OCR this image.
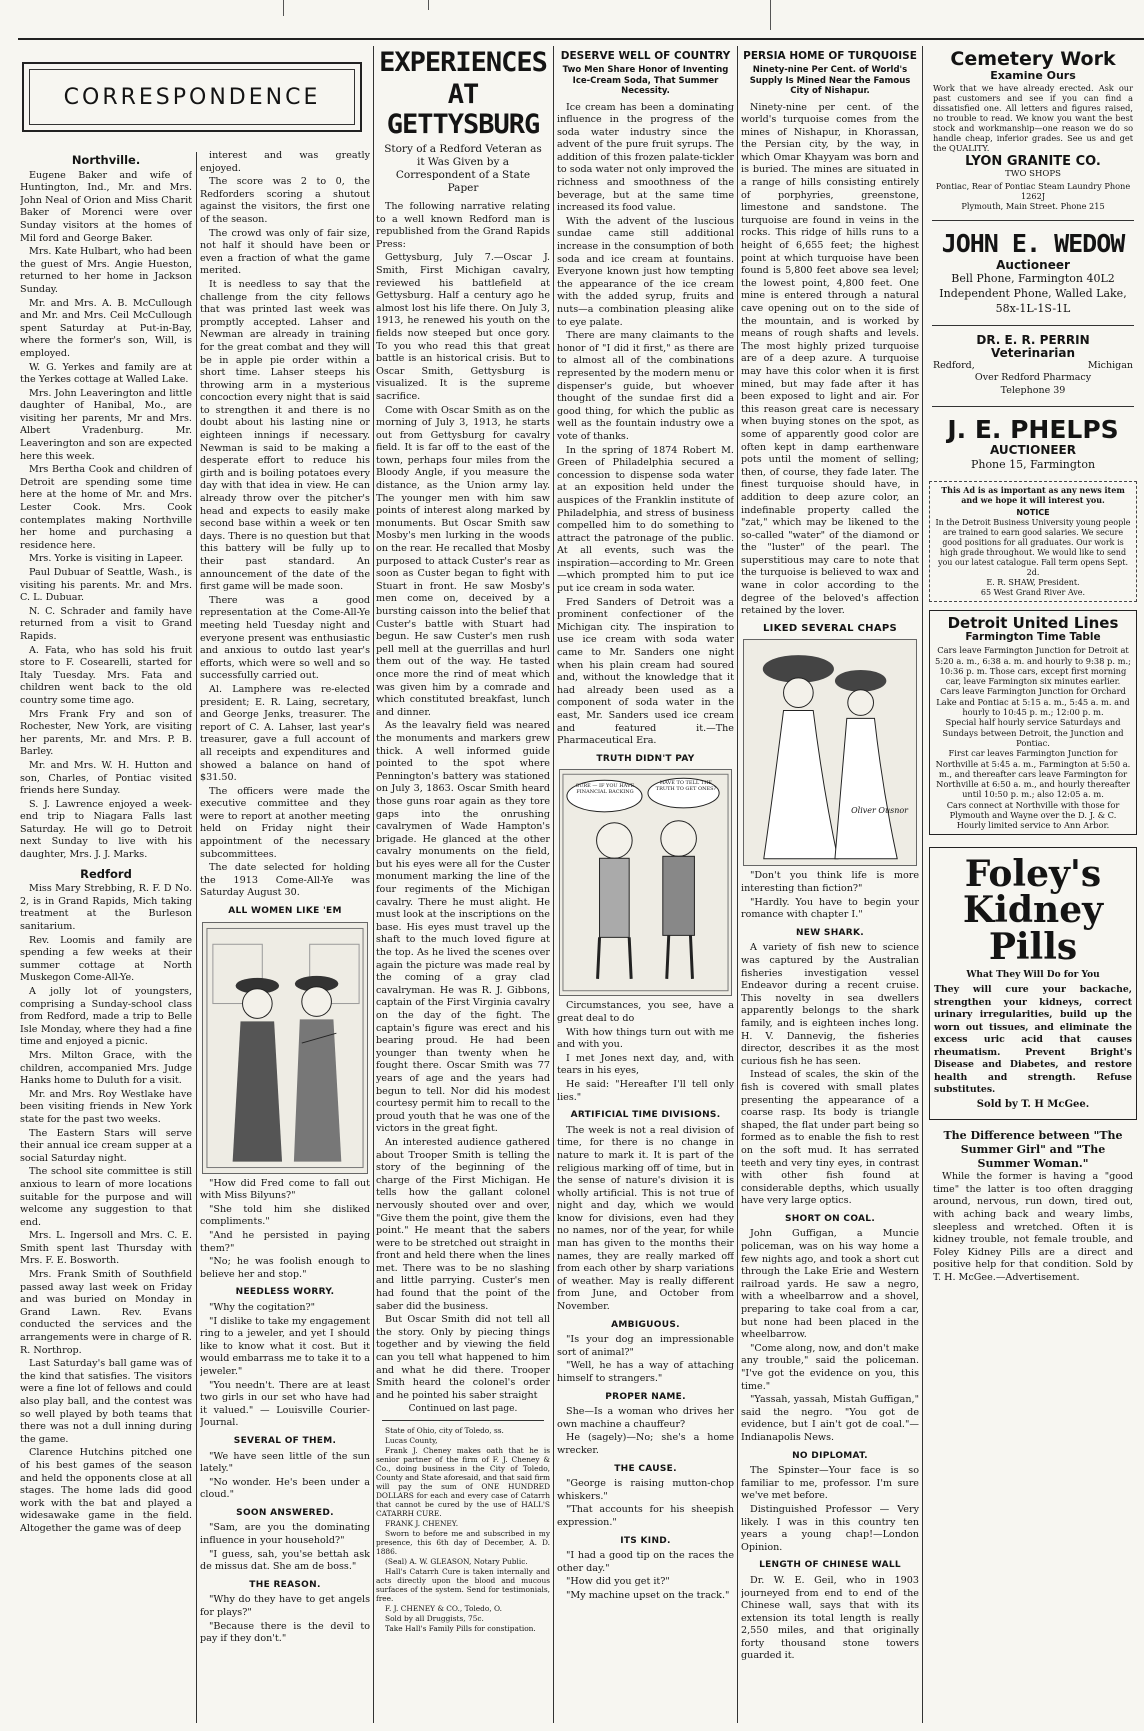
CORRESPONDENCE
Northville.

Eugene Baker and wife of Huntington, Ind., Mr. and Mrs. John Neal of Orion and Miss Charit Baker of Morenci were over Sunday visitors at the homes of Mil ford and George Baker.

Mrs. Kate Hulbart, who had been the guest of Mrs. Angie Hueston, returned to her home in Jackson Sunday.

Mr. and Mrs. A. B. McCullough and Mr. and Mrs. Ceil McCullough spent Saturday at Put-in-Bay, where the former's son, Will, is employed.

W. G. Yerkes and family are at the Yerkes cottage at Walled Lake.

Mrs. John Leaverington and little daughter of Hanibal, Mo., are visiting her parents, Mr and Mrs. Albert Vradenburg. Mr. Leaverington and son are expected here this week.

Mrs Bertha Cook and children of Detroit are spending some time here at the home of Mr. and Mrs. Lester Cook. Mrs. Cook contemplates making Northville her home and purchasing a residence here.

Mrs. Yorke is visiting in Lapeer.

Paul Dubuar of Seattle, Wash., is visiting his parents. Mr. and Mrs. C. L. Dubuar.

N. C. Schrader and family have returned from a visit to Grand Rapids.

A. Fata, who has sold his fruit store to F. Cosearelli, started for Italy Tuesday. Mrs. Fata and children went back to the old country some time ago.

Mrs Frank Fry and son of Rochester, New York, are visiting her parents, Mr. and Mrs. P. B. Barley.

Mr. and Mrs. W. H. Hutton and son, Charles, of Pontiac visited friends here Sunday.

S. J. Lawrence enjoyed a week-end trip to Niagara Falls last Saturday. He will go to Detroit next Sunday to live with his daughter, Mrs. J. J. Marks.

Redford

Miss Mary Strebbing, R. F. D No. 2, is in Grand Rapids, Mich taking treatment at the Burleson sanitarium.

Rev. Loomis and family are spending a few weeks at their summer cottage at North Muskegon Come-All-Ye.

A jolly lot of youngsters, comprising a Sunday-school class from Redford, made a trip to Belle Isle Monday, where they had a fine time and enjoyed a picnic.

Mrs. Milton Grace, with the children, accompanied Mrs. Judge Hanks home to Duluth for a visit.

Mr. and Mrs. Roy Westlake have been visiting friends in New York state for the past two weeks.

The Eastern Stars will serve their annual ice cream supper at a social Saturday night.

The school site committee is still anxious to learn of more locations suitable for the purpose and will welcome any suggestion to that end.

Mrs. L. Ingersoll and Mrs. C. E. Smith spent last Thursday with Mrs. F. E. Bosworth.

Mrs. Frank Smith of Southfield passed away last week on Friday and was buried on Monday in Grand Lawn. Rev. Evans conducted the services and the arrangements were in charge of R. R. Northrop.

Last Saturday's ball game was of the kind that satisfies. The visitors were a fine lot of fellows and could also play ball, and the contest was so well played by both teams that there was not a dull inning during the game.

Clarence Hutchins pitched one of his best games of the season and held the opponents close at all stages. The home lads did good work with the bat and played a widesawake game in the field. Altogether the game was of deep

interest and was greatly enjoyed.

The score was 2 to 0, the Redforders scoring a shutout against the visitors, the first one of the season.

The crowd was only of fair size, not half it should have been or even a fraction of what the game merited.

It is needless to say that the challenge from the city fellows that was printed last week was promptly accepted. Lahser and Newman are already in training for the great combat and they will be in apple pie order within a short time. Lahser steeps his throwing arm in a mysterious concoction every night that is said to strengthen it and there is no doubt about his lasting nine or eighteen innings if necessary. Newman is said to be making a desperate effort to reduce his girth and is boiling potatoes every day with that idea in view. He can already throw over the pitcher's head and expects to easily make second base within a week or ten days. There is no question but that this battery will be fully up to their past standard. An announcement of the date of the first game will be made soon.

There was a good representation at the Come-All-Ye meeting held Tuesday night and everyone present was enthusiastic and anxious to outdo last year's efforts, which were so well and so successfully carried out.

Al. Lamphere was re-elected president; E. R. Laing, secretary, and George Jenks, treasurer. The report of C. A. Lahser, last year's treasurer, gave a full account of all receipts and expenditures and showed a balance on hand of $31.50.

The officers were made the executive committee and they were to report at another meeting held on Friday night their appointment of the necessary subcommittees.

The date selected for holding the 1913 Come-All-Ye was Saturday August 30.

ALL WOMEN LIKE 'EM

"How did Fred come to fall out with Miss Bilyuns?"

"She told him she disliked compliments."

"And he persisted in paying them?"

"No; he was foolish enough to believe her and stop."

NEEDLESS WORRY.

"Why the cogitation?"

"I dislike to take my engagement ring to a jeweler, and yet I should like to know what it cost. But it would embarrass me to take it to a jeweler."

"You needn't. There are at least two girls in our set who have had it valued." — Louisville Courier-Journal.

SEVERAL OF THEM.

"We have seen little of the sun lately."

"No wonder. He's been under a cloud."

SOON ANSWERED.

"Sam, are you the dominating influence in your household?"

"I guess, sah, you'se bettah ask de missus dat. She am de boss."

THE REASON.

"Why do they have to get angels for plays?"

"Because there is the devil to pay if they don't."

EXPERIENCES
AT GETTYSBURG
Story of a Redford Veteran as it Was Given by a Correspondent of a State Paper

The following narrative relating to a well known Redford man is republished from the Grand Rapids Press:

Gettysburg, July 7.—Oscar J. Smith, First Michigan cavalry, reviewed his battlefield at Gettysburg. Half a century ago he almost lost his life there. On July 3, 1913, he renewed his youth on the fields now steeped but once gory. To you who read this that great battle is an historical crisis. But to Oscar Smith, Gettysburg is visualized. It is the supreme sacrifice.

Come with Oscar Smith as on the morning of July 3, 1913, he starts out from Gettysburg for cavalry field. It is far off to the east of the town, perhaps four miles from the Bloody Angle, if you measure the distance, as the Union army lay. The younger men with him saw points of interest along marked by monuments. But Oscar Smith saw Mosby's men lurking in the woods on the rear. He recalled that Mosby purposed to attack Custer's rear as soon as Custer began to fight with Stuart in front. He saw Mosby's men come on, deceived by a bursting caisson into the belief that Custer's battle with Stuart had begun. He saw Custer's men rush pell mell at the guerrillas and hurl them out of the way. He tasted once more the rind of meat which was given him by a comrade and which constituted breakfast, lunch and dinner.

As the leavalry field was neared the monuments and markers grew thick. A well informed guide pointed to the spot where Pennington's battery was stationed on July 3, 1863. Oscar Smith heard those guns roar again as they tore gaps into the onrushing cavalrymen of Wade Hampton's brigade. He glanced at the other cavalry monuments on the field, but his eyes were all for the Custer monument marking the line of the four regiments of the Michigan cavalry. There he must alight. He must look at the inscriptions on the base. His eyes must travel up the shaft to the much loved figure at the top. As he lived the scenes over again the picture was made real by the coming of a gray clad cavalryman. He was R. J. Gibbons, captain of the First Virginia cavalry on the day of the fight. The captain's figure was erect and his bearing proud. He had been younger than twenty when he fought there. Oscar Smith was 77 years of age and the years had begun to tell. Nor did his modest courtesy permit him to recall to the proud youth that he was one of the victors in the great fight.

An interested audience gathered about Trooper Smith is telling the story of the beginning of the charge of the First Michigan. He tells how the gallant colonel nervously shouted over and over, "Give them the point, give them the point." He meant that the sabers were to be stretched out straight in front and held there when the lines met. There was to be no slashing and little parrying. Custer's men had found that the point of the saber did the business.

But Oscar Smith did not tell all the story. Only by piecing things together and by viewing the field can you tell what happened to him and what he did there. Trooper Smith heard the colonel's order and he pointed his saber straight

Continued on last page.

State of Ohio, city of Toledo, ss.

Lucas County,

Frank J. Cheney makes oath that he is senior partner of the firm of F. J. Cheney & Co., doing business in the City of Toledo, County and State aforesaid, and that said firm will pay the sum of ONE HUNDRED DOLLARS for each and every case of Catarrh that cannot be cured by the use of HALL'S CATARRH CURE.

FRANK J. CHENEY.

Sworn to before me and subscribed in my presence, this 6th day of December, A. D. 1886.

(Seal) A. W. GLEASON, Notary Public.

Hall's Catarrh Cure is taken internally and acts directly upon the blood and mucous surfaces of the system. Send for testimonials, free.

F. J. CHENEY & CO., Toledo, O.

Sold by all Druggists, 75c.

Take Hall's Family Pills for constipation.

DESERVE WELL OF COUNTRY
Two Men Share Honor of Inventing Ice-Cream Soda, That Summer Necessity.

Ice cream has been a dominating influence in the progress of the soda water industry since the advent of the pure fruit syrups. The addition of this frozen palate-tickler to soda water not only improved the richness and smoothness of the beverage, but at the same time increased its food value.

With the advent of the luscious sundae came still additional increase in the consumption of both soda and ice cream at fountains. Everyone known just how tempting the appearance of the ice cream with the added syrup, fruits and nuts—a combination pleasing alike to eye palate.

There are many claimants to the honor of "I did it first," as there are to almost all of the combinations represented by the modern menu or dispenser's guide, but whoever thought of the sundae first did a good thing, for which the public as well as the fountain industry owe a vote of thanks.

In the spring of 1874 Robert M. Green of Philadelphia secured a concession to dispense soda water at an exposition held under the auspices of the Franklin institute of Philadelphia, and stress of business compelled him to do something to attract the patronage of the public. At all events, such was the inspiration—according to Mr. Green—which prompted him to put ice put ice cream in soda water.

Fred Sanders of Detroit was a prominent confectioner of the Michigan city. The inspiration to use ice cream with soda water came to Mr. Sanders one night when his plain cream had soured and, without the knowledge that it had already been used as a component of soda water in the east, Mr. Sanders used ice cream and featured it.—The Pharmaceutical Era.

TRUTH DIDN'T PAY
SURE — IF YOU HAVE FINANCIAL BACKING
HAVE TO TELL THE TRUTH TO GET ONES?

Circumstances, you see, have a great deal to do

With how things turn out with me and with you.

I met Jones next day, and, with tears in his eyes,

He said: "Hereafter I'll tell only lies."

ARTIFICIAL TIME DIVISIONS.

The week is not a real division of time, for there is no change in nature to mark it. It is part of the religious marking off of time, but in the sense of nature's division it is wholly artificial. This is not true of night and day, which we would know for divisions, even had they no names, nor of the year, for while man has given to the months their names, they are really marked off from each other by sharp variations of weather. May is really different from June, and October from November.

AMBIGUOUS.

"Is your dog an impressionable sort of animal?"

"Well, he has a way of attaching himself to strangers."

PROPER NAME.

She—Is a woman who drives her own machine a chauffeur?

He (sagely)—No; she's a home wrecker.

THE CAUSE.

"George is raising mutton-chop whiskers."

"That accounts for his sheepish expression."

ITS KIND.

"I had a good tip on the races the other day."

"How did you get it?"

"My machine upset on the track."

PERSIA HOME OF TURQUOISE
Ninety-nine Per Cent. of World's Supply Is Mined Near the Famous City of Nishapur.

Ninety-nine per cent. of the world's turquoise comes from the mines of Nishapur, in Khorassan, the Persian city, by the way, in which Omar Khayyam was born and is buried. The mines are situated in a range of hills consisting entirely of porphyries, greenstone, limestone and sandstone. The turquoise are found in veins in the rocks. This ridge of hills runs to a height of 6,655 feet; the highest point at which turquoise have been found is 5,800 feet above sea level; the lowest point, 4,800 feet. One mine is entered through a natural cave opening out on to the side of the mountain, and is worked by means of rough shafts and levels. The most highly prized turquoise are of a deep azure. A turquoise may have this color when it is first mined, but may fade after it has been exposed to light and air. For this reason great care is necessary when buying stones on the spot, as some of apparently good color are often kept in damp earthenware pots until the moment of selling; then, of course, they fade later. The finest turquoise should have, in addition to deep azure color, an indefinable property called the "zat," which may be likened to the so-called "water" of the diamond or the "luster" of the pearl. The superstitious may care to note that the turquoise is believed to wax and wane in color according to the degree of the beloved's affection retained by the lover.

LIKED SEVERAL CHAPS
Oliver Ousnor

"Don't you think life is more interesting than fiction?"

"Hardly. You have to begin your romance with chapter I."

NEW SHARK.

A variety of fish new to science was captured by the Australian fisheries investigation vessel Endeavor during a recent cruise. This novelty in sea dwellers apparently belongs to the shark family, and is eighteen inches long. H. V. Dannevig, the fisheries director, describes it as the most curious fish he has seen.

Instead of scales, the skin of the fish is covered with small plates presenting the appearance of a coarse rasp. Its body is triangle shaped, the flat under part being so formed as to enable the fish to rest on the soft mud. It has serrated teeth and very tiny eyes, in contrast with other fish found at considerable depths, which usually have very large optics.

SHORT ON COAL.

John Guffigan, a Muncie policeman, was on his way home a few nights ago, and took a short cut through the Lake Erie and Western railroad yards. He saw a negro, with a wheelbarrow and a shovel, preparing to take coal from a car, but none had been placed in the wheelbarrow.

"Come along, now, and don't make any trouble," said the policeman. "I've got the evidence on you, this time."

"Yassah, yassah, Mistah Guffigan," said the negro. "You got de evidence, but I ain't got de coal."—Indianapolis News.

NO DIPLOMAT.

The Spinster—Your face is so familiar to me, professor. I'm sure we've met before.

Distinguished Professor — Very likely. I was in this country ten years a young chap!—London Opinion.

LENGTH OF CHINESE WALL

Dr. W. E. Geil, who in 1903 journeyed from end to end of the Chinese wall, says that with its extension its total length is really 2,550 miles, and that originally forty thousand stone towers guarded it.

Cemetery Work
Examine Ours

Work that we have already erected. Ask our past customers and see if you can find a dissatisfied one. All letters and figures raised, no trouble to read. We know you want the best stock and workmanship—one reason we do so handle cheap, inferior grades. See us and get the QUALITY.

LYON GRANITE CO.

TWO SHOPS

Pontiac, Rear of Pontiac Steam Laundry Phone 1262J

Plymouth, Main Street. Phone 215

JOHN E. WEDOW
Auctioneer

Bell Phone, Farmington 40L2

Independent Phone, Walled Lake, 58x-1L-1S-1L

DR. E. R. PERRIN
Veterinarian
Redford,	Michigan

Over Redford Pharmacy

Telephone 39

J. E. PHELPS
AUCTIONEER

Phone 15, Farmington

This Ad is as important as any news item and we hope it will interest you.

NOTICE

In the Detroit Business University young people are trained to earn good salaries. We secure good positions for all graduates. Our work is high grade throughout. We would like to send you our latest catalogue. Fall term opens Sept. 2d.

E. R. SHAW, President.

65 West Grand River Ave.

Detroit United Lines
Farmington Time Table

Cars leave Farmington Junction for Detroit at 5:20 a. m., 6:38 a. m. and hourly to 9:38 p. m.; 10:36 p. m. Those cars, except first morning car, leave Farmington six minutes earlier.

Cars leave Farmington Junction for Orchard Lake and Pontiac at 5:15 a. m., 5:45 a. m. and hourly to 10:45 p. m.; 12:00 p. m.

Special half hourly service Saturdays and Sundays between Detroit, the Junction and Pontiac.

First car leaves Farmington Junction for Northville at 5:45 a. m., Farmington at 5:50 a. m., and thereafter cars leave Farmington for Northville at 6:50 a. m., and hourly thereafter until 10:50 p. m.; also 12:05 a. m.

Cars connect at Northville with those for Plymouth and Wayne over the D. J. & C. Hourly limited service to Ann Arbor.

Foley's
Kidney
Pills

What They Will Do for You

They will cure your backache, strengthen your kidneys, correct urinary irregularities, build up the worn out tissues, and eliminate the excess uric acid that causes rheumatism. Prevent Bright's Disease and Diabetes, and restore health and strength. Refuse substitutes.

Sold by T. H McGee.

The Difference between "The Summer Girl" and "The Summer Woman."

While the former is having a "good time" the latter is too often dragging around, nervous, run down, tired out, with aching back and weary limbs, sleepless and wretched. Often it is kidney trouble, not female trouble, and Foley Kidney Pills are a direct and positive help for that condition. Sold by T. H. McGee.—Advertisement.
